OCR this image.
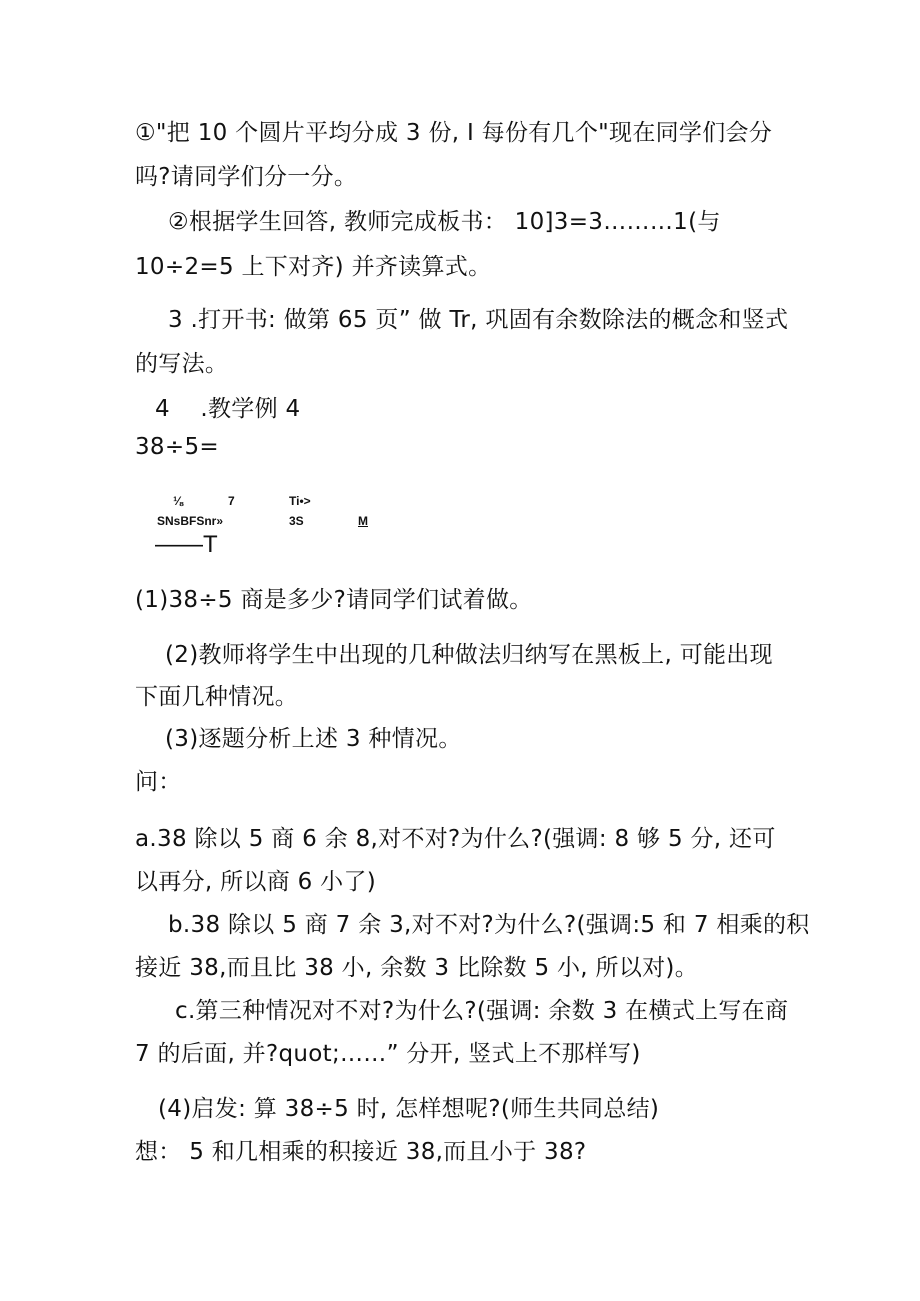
①"把 10 个圆片平均分成 3 份, I 每份有几个"现在同学们会分
吗?请同学们分一分。
②根据学生回答, 教师完成板书： 10]3=3………1(与
10÷2=5 上下对齐) 并齐读算式。
3 .打开书: 做第 65 页” 做 Tr, 巩固有余数除法的概念和竖式
的写法。
4    .教学例 4
38÷5=
⅛	7	Ti•>
SNsBFSnr»	3S	M
——T
(1)38÷5 商是多少?请同学们试着做。
(2)教师将学生中出现的几种做法归纳写在黑板上, 可能出现
下面几种情况。
(3)逐题分析上述 3 种情况。
问：
a.38 除以 5 商 6 余 8,对不对?为什么?(强调: 8 够 5 分, 还可
以再分, 所以商 6 小了)
b.38 除以 5 商 7 余 3,对不对?为什么?(强调:5 和 7 相乘的积
接近 38,而且比 38 小, 余数 3 比除数 5 小, 所以对)。
c.第三种情况对不对?为什么?(强调: 余数 3 在横式上写在商
7 的后面, 并?quot;……” 分开, 竖式上不那样写)
(4)启发: 算 38÷5 时, 怎样想呢?(师生共同总结)
想： 5 和几相乘的积接近 38,而且小于 38?
